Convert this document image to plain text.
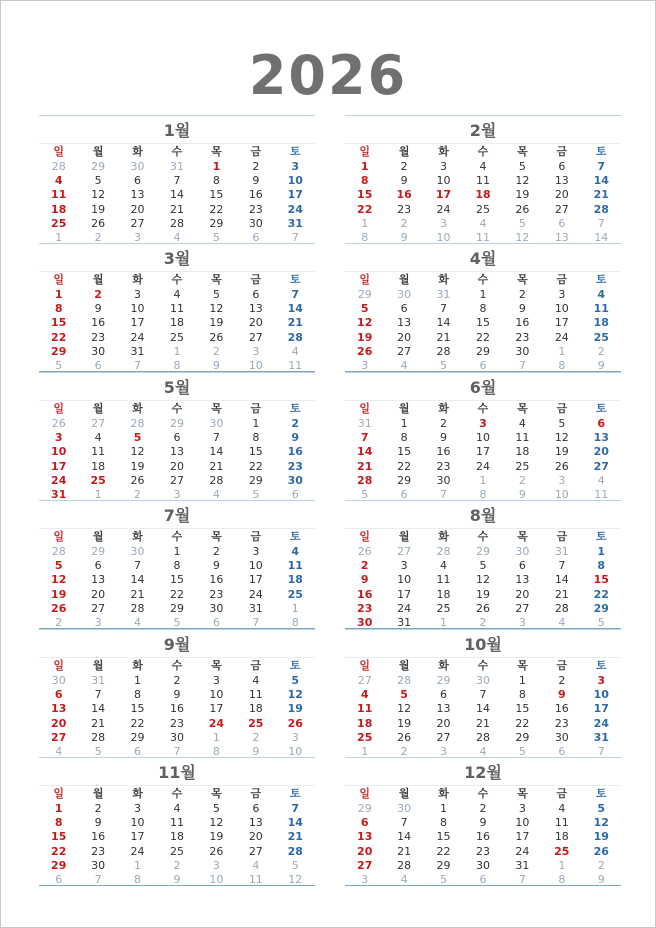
2026
1월
일	월	화	수	목	금	토
28	29	30	31	1	2	3
4	5	6	7	8	9	10
11	12	13	14	15	16	17
18	19	20	21	22	23	24
25	26	27	28	29	30	31
1	2	3	4	5	6	7
2월
일	월	화	수	목	금	토
1	2	3	4	5	6	7
8	9	10	11	12	13	14
15	16	17	18	19	20	21
22	23	24	25	26	27	28
1	2	3	4	5	6	7
8	9	10	11	12	13	14
3월
일	월	화	수	목	금	토
1	2	3	4	5	6	7
8	9	10	11	12	13	14
15	16	17	18	19	20	21
22	23	24	25	26	27	28
29	30	31	1	2	3	4
5	6	7	8	9	10	11
4월
일	월	화	수	목	금	토
29	30	31	1	2	3	4
5	6	7	8	9	10	11
12	13	14	15	16	17	18
19	20	21	22	23	24	25
26	27	28	29	30	1	2
3	4	5	6	7	8	9
5월
일	월	화	수	목	금	토
26	27	28	29	30	1	2
3	4	5	6	7	8	9
10	11	12	13	14	15	16
17	18	19	20	21	22	23
24	25	26	27	28	29	30
31	1	2	3	4	5	6
6월
일	월	화	수	목	금	토
31	1	2	3	4	5	6
7	8	9	10	11	12	13
14	15	16	17	18	19	20
21	22	23	24	25	26	27
28	29	30	1	2	3	4
5	6	7	8	9	10	11
7월
일	월	화	수	목	금	토
28	29	30	1	2	3	4
5	6	7	8	9	10	11
12	13	14	15	16	17	18
19	20	21	22	23	24	25
26	27	28	29	30	31	1
2	3	4	5	6	7	8
8월
일	월	화	수	목	금	토
26	27	28	29	30	31	1
2	3	4	5	6	7	8
9	10	11	12	13	14	15
16	17	18	19	20	21	22
23	24	25	26	27	28	29
30	31	1	2	3	4	5
9월
일	월	화	수	목	금	토
30	31	1	2	3	4	5
6	7	8	9	10	11	12
13	14	15	16	17	18	19
20	21	22	23	24	25	26
27	28	29	30	1	2	3
4	5	6	7	8	9	10
10월
일	월	화	수	목	금	토
27	28	29	30	1	2	3
4	5	6	7	8	9	10
11	12	13	14	15	16	17
18	19	20	21	22	23	24
25	26	27	28	29	30	31
1	2	3	4	5	6	7
11월
일	월	화	수	목	금	토
1	2	3	4	5	6	7
8	9	10	11	12	13	14
15	16	17	18	19	20	21
22	23	24	25	26	27	28
29	30	1	2	3	4	5
6	7	8	9	10	11	12
12월
일	월	화	수	목	금	토
29	30	1	2	3	4	5
6	7	8	9	10	11	12
13	14	15	16	17	18	19
20	21	22	23	24	25	26
27	28	29	30	31	1	2
3	4	5	6	7	8	9
